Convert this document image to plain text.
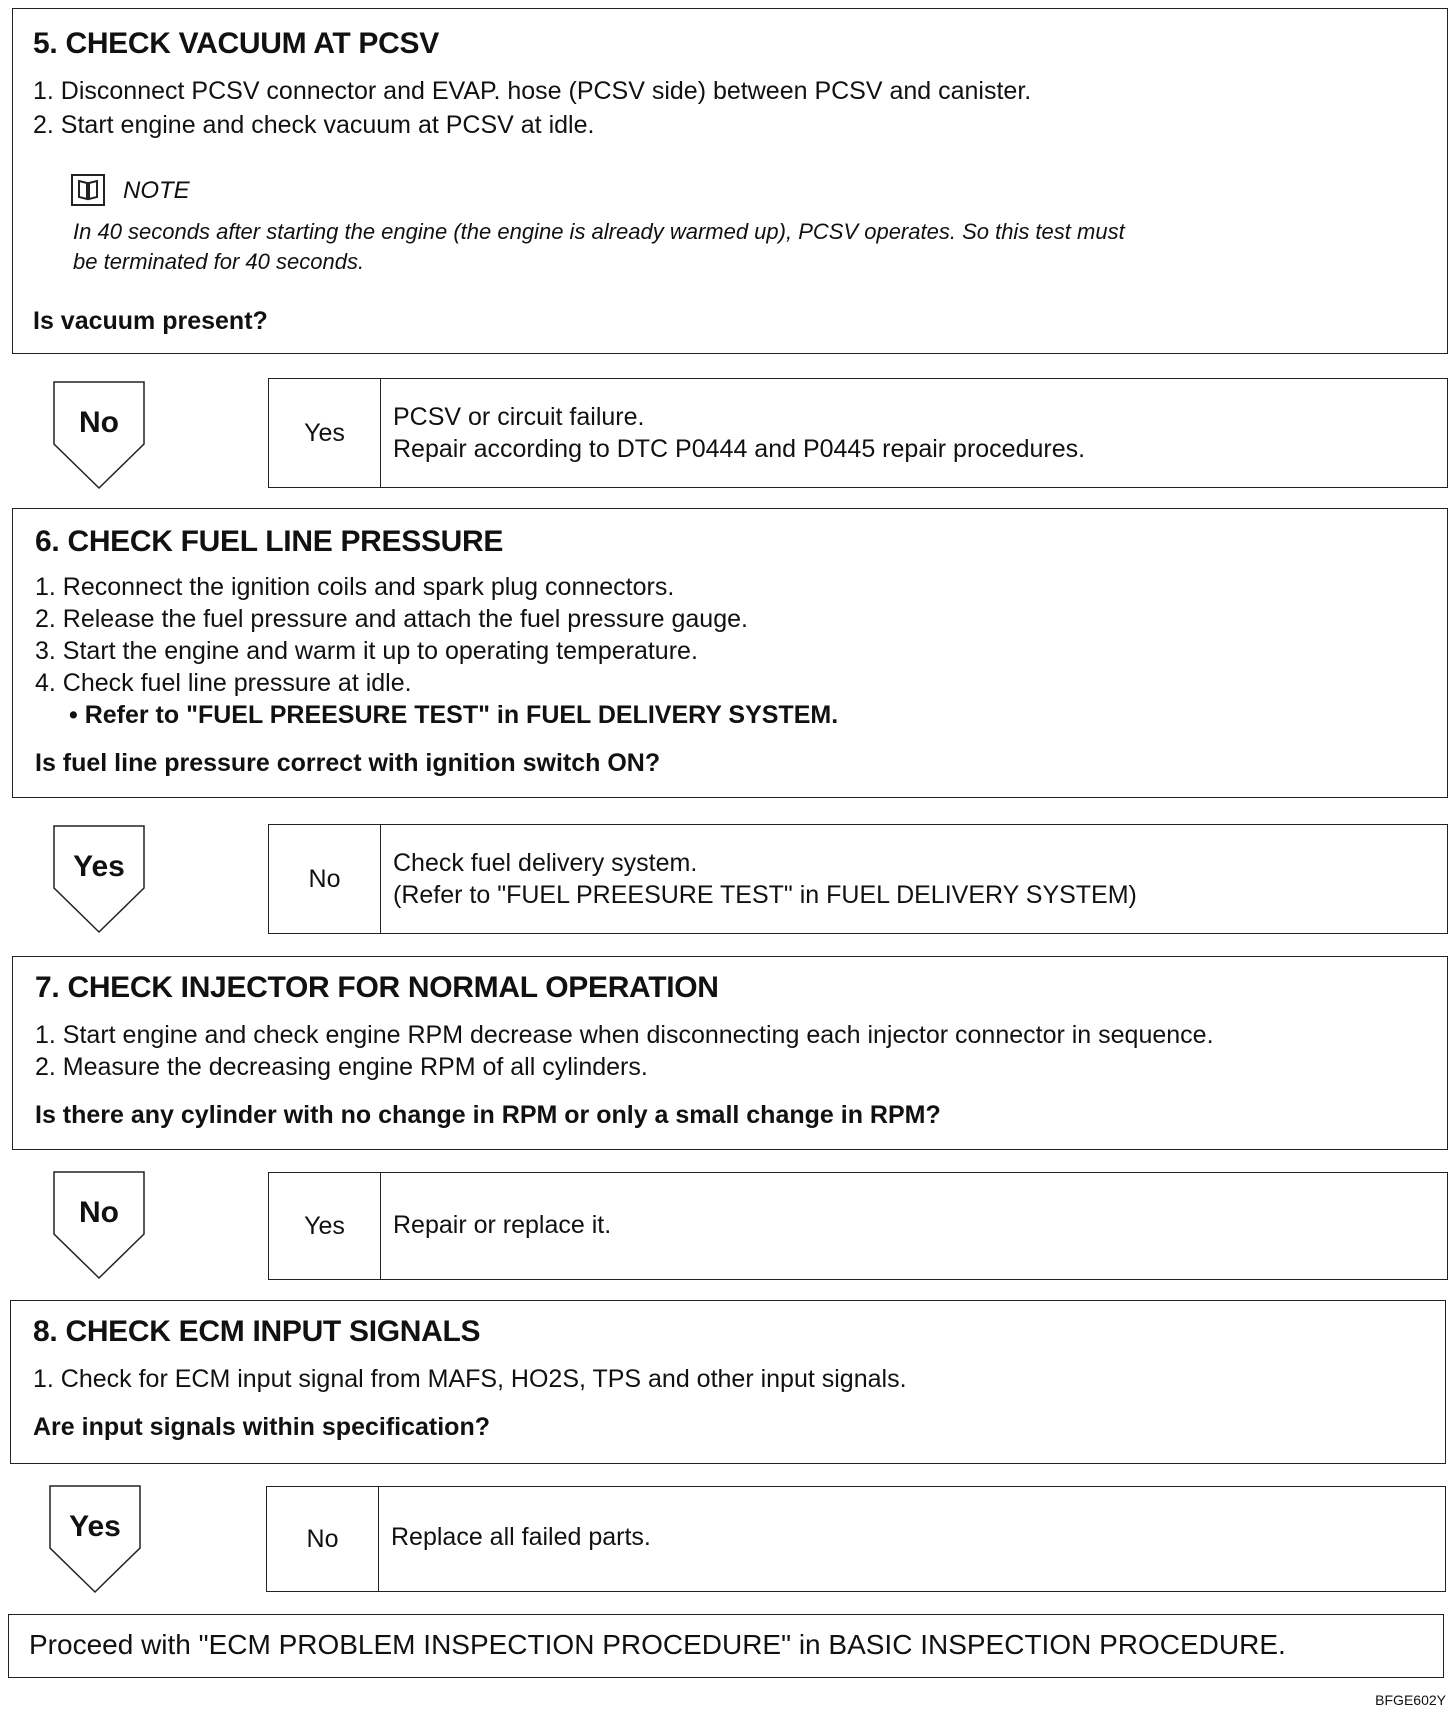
5. CHECK VACUUM AT PCSV
1. Disconnect PCSV connector and EVAP. hose (PCSV side) between PCSV and canister.
2. Start engine and check vacuum at PCSV at idle.
NOTE
In 40 seconds after starting the engine (the engine is already warmed up), PCSV operates. So this test must
be terminated for 40 seconds.
Is vacuum present?
No	Yes
PCSV or circuit failure.
Repair according to DTC P0444 and P0445 repair procedures.
6. CHECK FUEL LINE PRESSURE
1. Reconnect the ignition coils and spark plug connectors.
2. Release the fuel pressure and attach the fuel pressure gauge.
3. Start the engine and warm it up to operating temperature.
4. Check fuel line pressure at idle.
• Refer to "FUEL PREESURE TEST" in FUEL DELIVERY SYSTEM.
Is fuel line pressure correct with ignition switch ON?
Yes	No
Check fuel delivery system.
(Refer to "FUEL PREESURE TEST" in FUEL DELIVERY SYSTEM)
7. CHECK INJECTOR FOR NORMAL OPERATION
1. Start engine and check engine RPM decrease when disconnecting each injector connector in sequence.
2. Measure the decreasing engine RPM of all cylinders.
Is there any cylinder with no change in RPM or only a small change in RPM?
No	Yes	Repair or replace it.
8. CHECK ECM INPUT SIGNALS
1. Check for ECM input signal from MAFS, HO2S, TPS and other input signals.
Are input signals within specification?
Yes	No	Replace all failed parts.
Proceed with "ECM PROBLEM INSPECTION PROCEDURE" in BASIC INSPECTION PROCEDURE.
BFGE602Y
